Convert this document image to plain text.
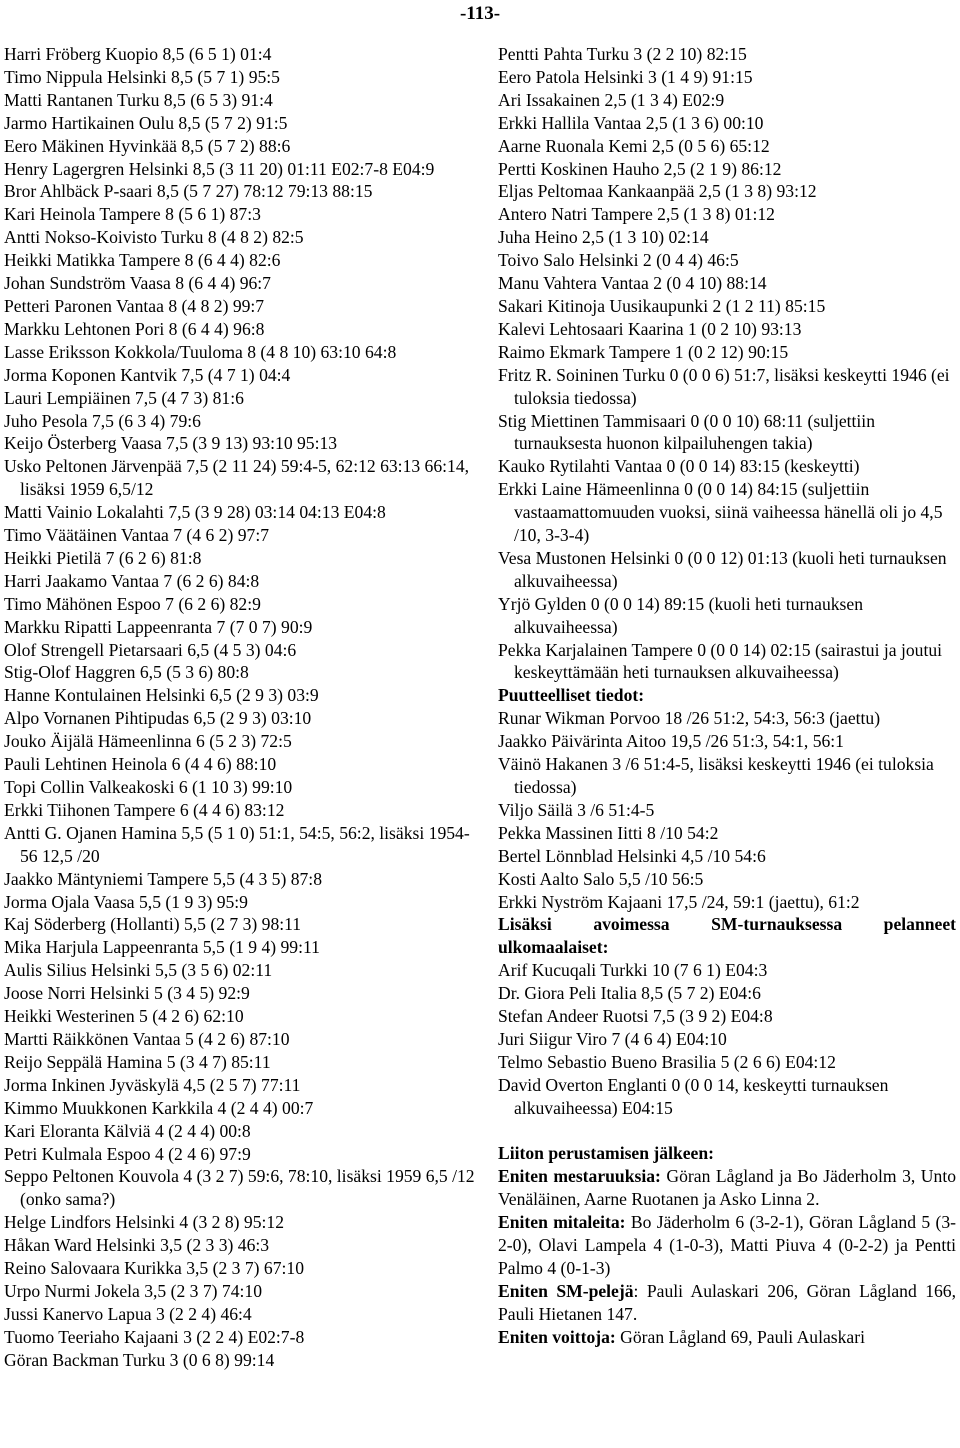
-113-
Harri Fröberg Kuopio 8,5 (6 5 1) 01:4
Timo Nippula Helsinki 8,5 (5 7 1) 95:5
Matti Rantanen Turku 8,5 (6 5 3) 91:4
Jarmo Hartikainen Oulu 8,5 (5 7 2) 91:5
Eero Mäkinen Hyvinkää 8,5 (5 7 2) 88:6
Henry Lagergren Helsinki 8,5 (3 11 20) 01:11 E02:7-8 E04:9
Bror Ahlbäck P-saari 8,5 (5 7 27) 78:12 79:13 88:15
Kari Heinola Tampere 8 (5 6 1) 87:3
Antti Nokso-Koivisto Turku 8 (4 8 2) 82:5
Heikki Matikka Tampere 8 (6 4 4) 82:6
Johan Sundström Vaasa 8 (6 4 4) 96:7
Petteri Paronen Vantaa 8 (4 8 2) 99:7
Markku Lehtonen Pori 8 (6 4 4) 96:8
Lasse Eriksson Kokkola/Tuuloma 8 (4 8 10) 63:10 64:8
Jorma Koponen Kantvik 7,5 (4 7 1) 04:4
Lauri Lempiäinen 7,5 (4 7 3) 81:6
Juho Pesola 7,5 (6 3 4) 79:6
Keijo Österberg Vaasa 7,5 (3 9 13) 93:10 95:13
Usko Peltonen Järvenpää 7,5 (2 11 24) 59:4-5, 62:12 63:13 66:14, lisäksi 1959 6,5/12
Matti Vainio Lokalahti 7,5 (3 9 28) 03:14 04:13 E04:8
Timo Väätäinen Vantaa 7 (4 6 2) 97:7
Heikki Pietilä 7 (6 2 6) 81:8
Harri Jaakamo Vantaa 7 (6 2 6) 84:8
Timo Mähönen Espoo 7 (6 2 6) 82:9
Markku Ripatti Lappeenranta 7 (7 0 7) 90:9
Olof Strengell Pietarsaari 6,5 (4 5 3) 04:6
Stig-Olof Haggren 6,5 (5 3 6) 80:8
Hanne Kontulainen Helsinki 6,5 (2 9 3) 03:9
Alpo Vornanen Pihtipudas 6,5 (2 9 3) 03:10
Jouko Äijälä Hämeenlinna 6 (5 2 3) 72:5
Pauli Lehtinen Heinola 6 (4 4 6) 88:10
Topi Collin Valkeakoski 6 (1 10 3) 99:10
Erkki Tiihonen Tampere 6 (4 4 6) 83:12
Antti G. Ojanen Hamina 5,5 (5 1 0) 51:1, 54:5, 56:2, lisäksi 1954-56 12,5 /20
Jaakko Mäntyniemi Tampere 5,5 (4 3 5) 87:8
Jorma Ojala Vaasa 5,5 (1 9 3) 95:9
Kaj Söderberg (Hollanti) 5,5 (2 7 3) 98:11
Mika Harjula Lappeenranta 5,5 (1 9 4) 99:11
Aulis Silius Helsinki 5,5 (3 5 6) 02:11
Joose Norri Helsinki 5 (3 4 5) 92:9
Heikki Westerinen 5 (4 2 6) 62:10
Martti Räikkönen Vantaa 5 (4 2 6) 87:10
Reijo Seppälä Hamina 5 (3 4 7) 85:11
Jorma Inkinen Jyväskylä 4,5 (2 5 7) 77:11
Kimmo Muukkonen Karkkila 4 (2 4 4) 00:7
Kari Eloranta Kälviä 4 (2 4 4) 00:8
Petri Kulmala Espoo 4 (2 4 6) 97:9
Seppo Peltonen Kouvola 4 (3 2 7) 59:6, 78:10, lisäksi 1959 6,5 /12 (onko sama?)
Helge Lindfors Helsinki 4 (3 2 8) 95:12
Håkan Ward Helsinki 3,5 (2 3 3) 46:3
Reino Salovaara Kurikka 3,5 (2 3 7) 67:10
Urpo Nurmi Jokela 3,5 (2 3 7) 74:10
Jussi Kanervo Lapua 3 (2 2 4) 46:4
Tuomo Teeriaho Kajaani 3 (2 2 4) E02:7-8
Göran Backman Turku 3 (0 6 8) 99:14
Pentti Pahta Turku 3 (2 2 10) 82:15
Eero Patola Helsinki 3 (1 4 9) 91:15
Ari Issakainen 2,5 (1 3 4) E02:9
Erkki Hallila Vantaa 2,5 (1 3 6) 00:10
Aarne Ruonala Kemi 2,5 (0 5 6) 65:12
Pertti Koskinen Hauho 2,5 (2 1 9) 86:12
Eljas Peltomaa Kankaanpää 2,5 (1 3 8) 93:12
Antero Natri Tampere 2,5 (1 3 8) 01:12
Juha Heino 2,5 (1 3 10) 02:14
Toivo Salo Helsinki 2 (0 4 4) 46:5
Manu Vahtera Vantaa 2 (0 4 10) 88:14
Sakari Kitinoja Uusikaupunki 2 (1 2 11) 85:15
Kalevi Lehtosaari Kaarina 1 (0 2 10) 93:13
Raimo Ekmark Tampere 1 (0 2 12) 90:15
Fritz R. Soininen Turku 0 (0 0 6) 51:7, lisäksi keskeytti 1946 (ei tuloksia tiedossa)
Stig Miettinen Tammisaari 0 (0 0 10) 68:11 (suljettiin turnauksesta huonon kilpailuhengen takia)
Kauko Rytilahti Vantaa 0 (0 0 14) 83:15 (keskeytti)
Erkki Laine Hämeenlinna 0 (0 0 14) 84:15 (suljettiin vastaamattomuuden vuoksi, siinä vaiheessa hänellä oli jo 4,5 /10, 3-3-4)
Vesa Mustonen Helsinki 0 (0 0 12) 01:13 (kuoli heti turnauksen alkuvaiheessa)
Yrjö Gylden 0 (0 0 14) 89:15 (kuoli heti turnauksen alkuvaiheessa)
Pekka Karjalainen Tampere 0 (0 0 14) 02:15 (sairastui ja joutui keskeyttämään heti turnauksen alkuvaiheessa)
Puutteelliset tiedot:
Runar Wikman Porvoo 18 /26 51:2, 54:3, 56:3 (jaettu)
Jaakko Päivärinta Aitoo 19,5 /26 51:3, 54:1, 56:1
Väinö Hakanen 3 /6 51:4-5, lisäksi keskeytti 1946 (ei tuloksia tiedossa)
Viljo Säilä 3 /6 51:4-5
Pekka Massinen Iitti 8 /10 54:2
Bertel Lönnblad Helsinki 4,5 /10 54:6
Kosti Aalto Salo 5,5 /10 56:5
Erkki Nyström Kajaani 17,5 /24, 59:1 (jaettu), 61:2
Lisäksi avoimessa SM-turnauksessa pelanneet ulkomaalaiset:
Arif Kucuqali Turkki 10 (7 6 1) E04:3
Dr. Giora Peli Italia 8,5 (5 7 2) E04:6
Stefan Andeer Ruotsi 7,5 (3 9 2) E04:8
Juri Siigur Viro 7 (4 6 4) E04:10
Telmo Sebastio Bueno Brasilia 5 (2 6 6) E04:12
David Overton Englanti 0 (0 0 14, keskeytti turnauksen alkuvaiheessa) E04:15
Liiton perustamisen jälkeen:
Eniten mestaruuksia: Göran Lågland ja Bo Jäderholm 3, Unto Venäläinen, Aarne Ruotanen ja Asko Linna 2.
Eniten mitaleita: Bo Jäderholm 6 (3-2-1), Göran Lågland 5 (3-2-0), Olavi Lampela 4 (1-0-3), Matti Piuva 4 (0-2-2) ja Pentti Palmo 4 (0-1-3)
Eniten SM-pelejä: Pauli Aulaskari 206, Göran Lågland 166, Pauli Hietanen 147.
Eniten voittoja: Göran Lågland 69, Pauli Aulaskari
